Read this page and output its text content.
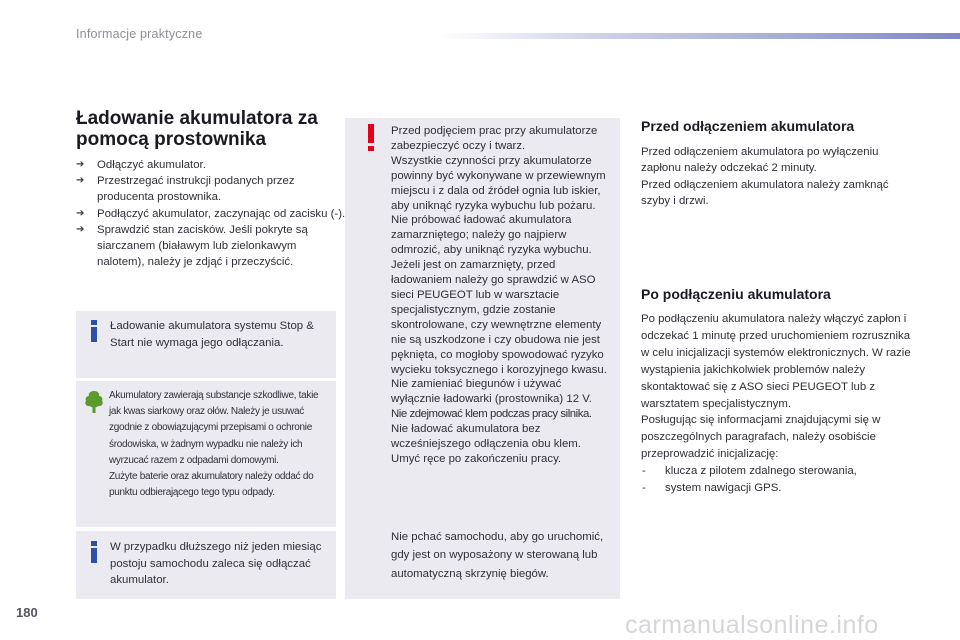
Informacje praktyczne
Ładowanie akumulatora za pomocą prostownika
➔ Odłączyć akumulator.
➔ Przestrzegać instrukcji podanych przez producenta prostownika.
➔ Podłączyć akumulator, zaczynając od zacisku (-).
➔ Sprawdzić stan zacisków. Jeśli pokryte są siarczanem (białawym lub zielonkawym nalotem), należy je zdjąć i przeczyścić.
Ładowanie akumulatora systemu Stop & Start nie wymaga jego odłączania.
Akumulatory zawierają substancje szkodliwe, takie jak kwas siarkowy oraz ołów. Należy je usuwać zgodnie z obowiązującymi przepisami o ochronie środowiska, w żadnym wypadku nie należy ich wyrzucać razem z odpadami domowymi.
Zużyte baterie oraz akumulatory należy oddać do punktu odbierającego tego typu odpady.
W przypadku dłuższego niż jeden miesiąc postoju samochodu zaleca się odłączać akumulator.
Przed podjęciem prac przy akumulatorze zabezpieczyć oczy i twarz.
Wszystkie czynności przy akumulatorze powinny być wykonywane w przewiewnym miejscu i z dala od źródeł ognia lub iskier, aby uniknąć ryzyka wybuchu lub pożaru.
Nie próbować ładować akumulatora zamarzniętego; należy go najpierw odmrozić, aby uniknąć ryzyka wybuchu. Jeżeli jest on zamarznięty, przed ładowaniem należy go sprawdzić w ASO sieci PEUGEOT lub w warsztacie specjalistycznym, gdzie zostanie skontrolowane, czy wewnętrzne elementy nie są uszkodzone i czy obudowa nie jest pęknięta, co mogłoby spowodować ryzyko wycieku toksycznego i korozyjnego kwasu.
Nie zamieniać biegunów i używać wyłącznie ładowarki (prostownika) 12 V.
Nie zdejmować klem podczas pracy silnika.
Nie ładować akumulatora bez wcześniejszego odłączenia obu klem.
Umyć ręce po zakończeniu pracy.
Nie pchać samochodu, aby go uruchomić, gdy jest on wyposażony w sterowaną lub automatyczną skrzynię biegów.
Przed odłączeniem akumulatora
Przed odłączeniem akumulatora po wyłączeniu zapłonu należy odczekać 2 minuty.
Przed odłączeniem akumulatora należy zamknąć szyby i drzwi.
Po podłączeniu akumulatora
Po podłączeniu akumulatora należy włączyć zapłon i odczekać 1 minutę przed uruchomieniem rozrusznika w celu inicjalizacji systemów elektronicznych. W razie wystąpienia jakichkolwiek problemów należy skontaktować się z ASO sieci PEUGEOT lub z warsztatem specjalistycznym.
Posługując się informacjami znajdującymi się w poszczególnych paragrafach, należy osobiście przeprowadzić inicjalizację:
- klucza z pilotem zdalnego sterowania,
- system nawigacji GPS.
180	carmanualsonline.info
